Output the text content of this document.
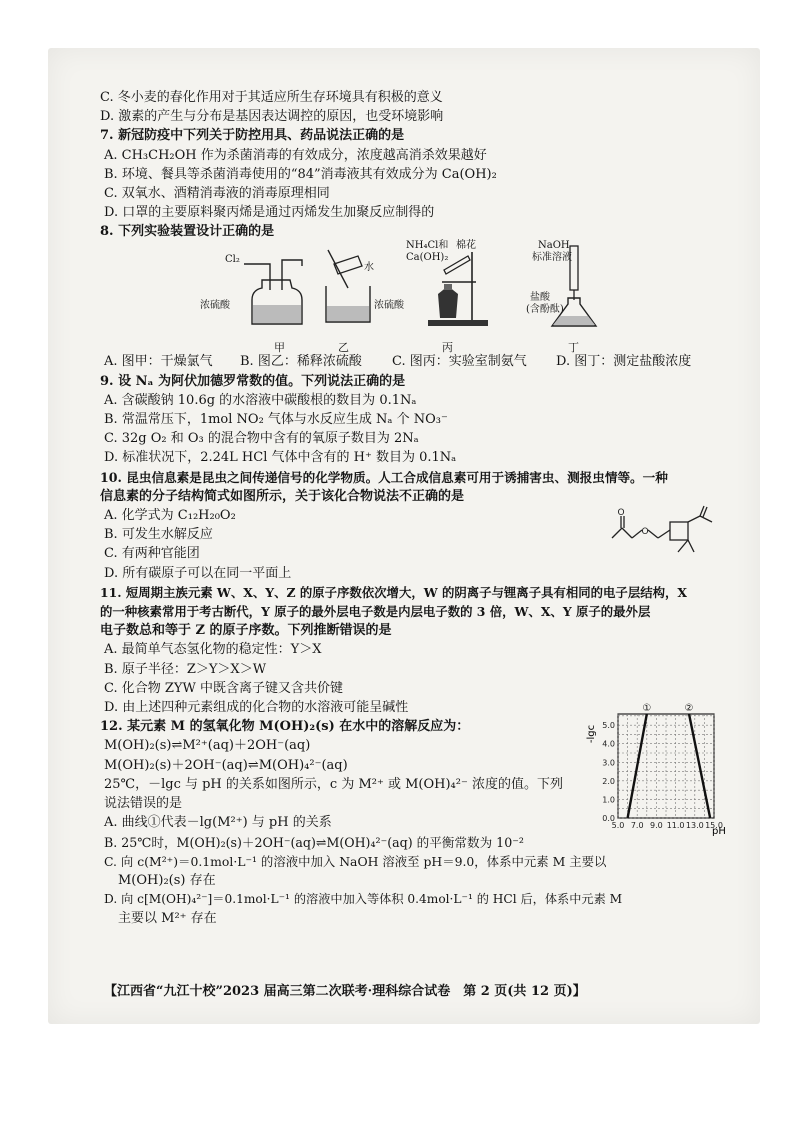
C. 冬小麦的春化作用对于其适应所生存环境具有积极的意义
D. 激素的产生与分布是基因表达调控的原因，也受环境影响
7. 新冠防疫中下列关于防控用具、药品说法正确的是
A. CH₃CH₂OH 作为杀菌消毒的有效成分，浓度越高消杀效果越好
B. 环境、餐具等杀菌消毒使用的“84”消毒液其有效成分为 Ca(OH)₂
C. 双氧水、酒精消毒液的消毒原理相同
D. 口罩的主要原料聚丙烯是通过丙烯发生加聚反应制得的
8. 下列实验装置设计正确的是
Cl₂
浓硫酸
甲
水
浓硫酸
乙
NH₄Cl和
Ca(OH)₂
棉花
丙
NaOH
标准溶液
盐酸
(含酚酞)
丁
A. 图甲：干燥氯气 B. 图乙：稀释浓硫酸 C. 图丙：实验室制氨气 D. 图丁：测定盐酸浓度
9. 设 Nₐ 为阿伏加德罗常数的值。下列说法正确的是
A. 含碳酸钠 10.6g 的水溶液中碳酸根的数目为 0.1Nₐ
B. 常温常压下，1mol NO₂ 气体与水反应生成 Nₐ 个 NO₃⁻
C. 32g O₂ 和 O₃ 的混合物中含有的氧原子数目为 2Nₐ
D. 标准状况下，2.24L HCl 气体中含有的 H⁺ 数目为 0.1Nₐ
10. 昆虫信息素是昆虫之间传递信号的化学物质。人工合成信息素可用于诱捕害虫、测报虫情等。一种
信息素的分子结构简式如图所示，关于该化合物说法不正确的是
A. 化学式为 C₁₂H₂₀O₂
B. 可发生水解反应
C. 有两种官能团
D. 所有碳原子可以在同一平面上
11. 短周期主族元素 W、X、Y、Z 的原子序数依次增大，W 的阴离子与锂离子具有相同的电子层结构，X
的一种核素常用于考古断代，Y 原子的最外层电子数是内层电子数的 3 倍，W、X、Y 原子的最外层
电子数总和等于 Z 的原子序数。下列推断错误的是
A. 最简单气态氢化物的稳定性：Y＞X
B. 原子半径：Z＞Y＞X＞W
C. 化合物 ZYW 中既含离子键又含共价键
D. 由上述四种元素组成的化合物的水溶液可能呈碱性
12. 某元素 M 的氢氧化物 M(OH)₂(s) 在水中的溶解反应为：
M(OH)₂(s)⇌M²⁺(aq)＋2OH⁻(aq)
M(OH)₂(s)＋2OH⁻(aq)⇌M(OH)₄²⁻(aq)
25℃，－lgc 与 pH 的关系如图所示，c 为 M²⁺ 或 M(OH)₄²⁻ 浓度的值。下列
说法错误的是
A. 曲线①代表－lg(M²⁺) 与 pH 的关系
B. 25℃时，M(OH)₂(s)＋2OH⁻(aq)⇌M(OH)₄²⁻(aq) 的平衡常数为 10⁻²
C. 向 c(M²⁺)＝0.1mol·L⁻¹ 的溶液中加入 NaOH 溶液至 pH＝9.0，体系中元素 M 主要以
M(OH)₂(s) 存在
D. 向 c[M(OH)₄²⁻]＝0.1mol·L⁻¹ 的溶液中加入等体积 0.4mol·L⁻¹ 的 HCl 后，体系中元素 M
主要以 M²⁺ 存在
O
O
①	②
5.0 7.0 9.0 11.0 13.0 15.0
0.0
1.0
2.0
3.0
4.0
5.0
-lgc
pH
【江西省“九江十校”2023 届高三第二次联考·理科综合试卷　第 2 页(共 12 页)】
